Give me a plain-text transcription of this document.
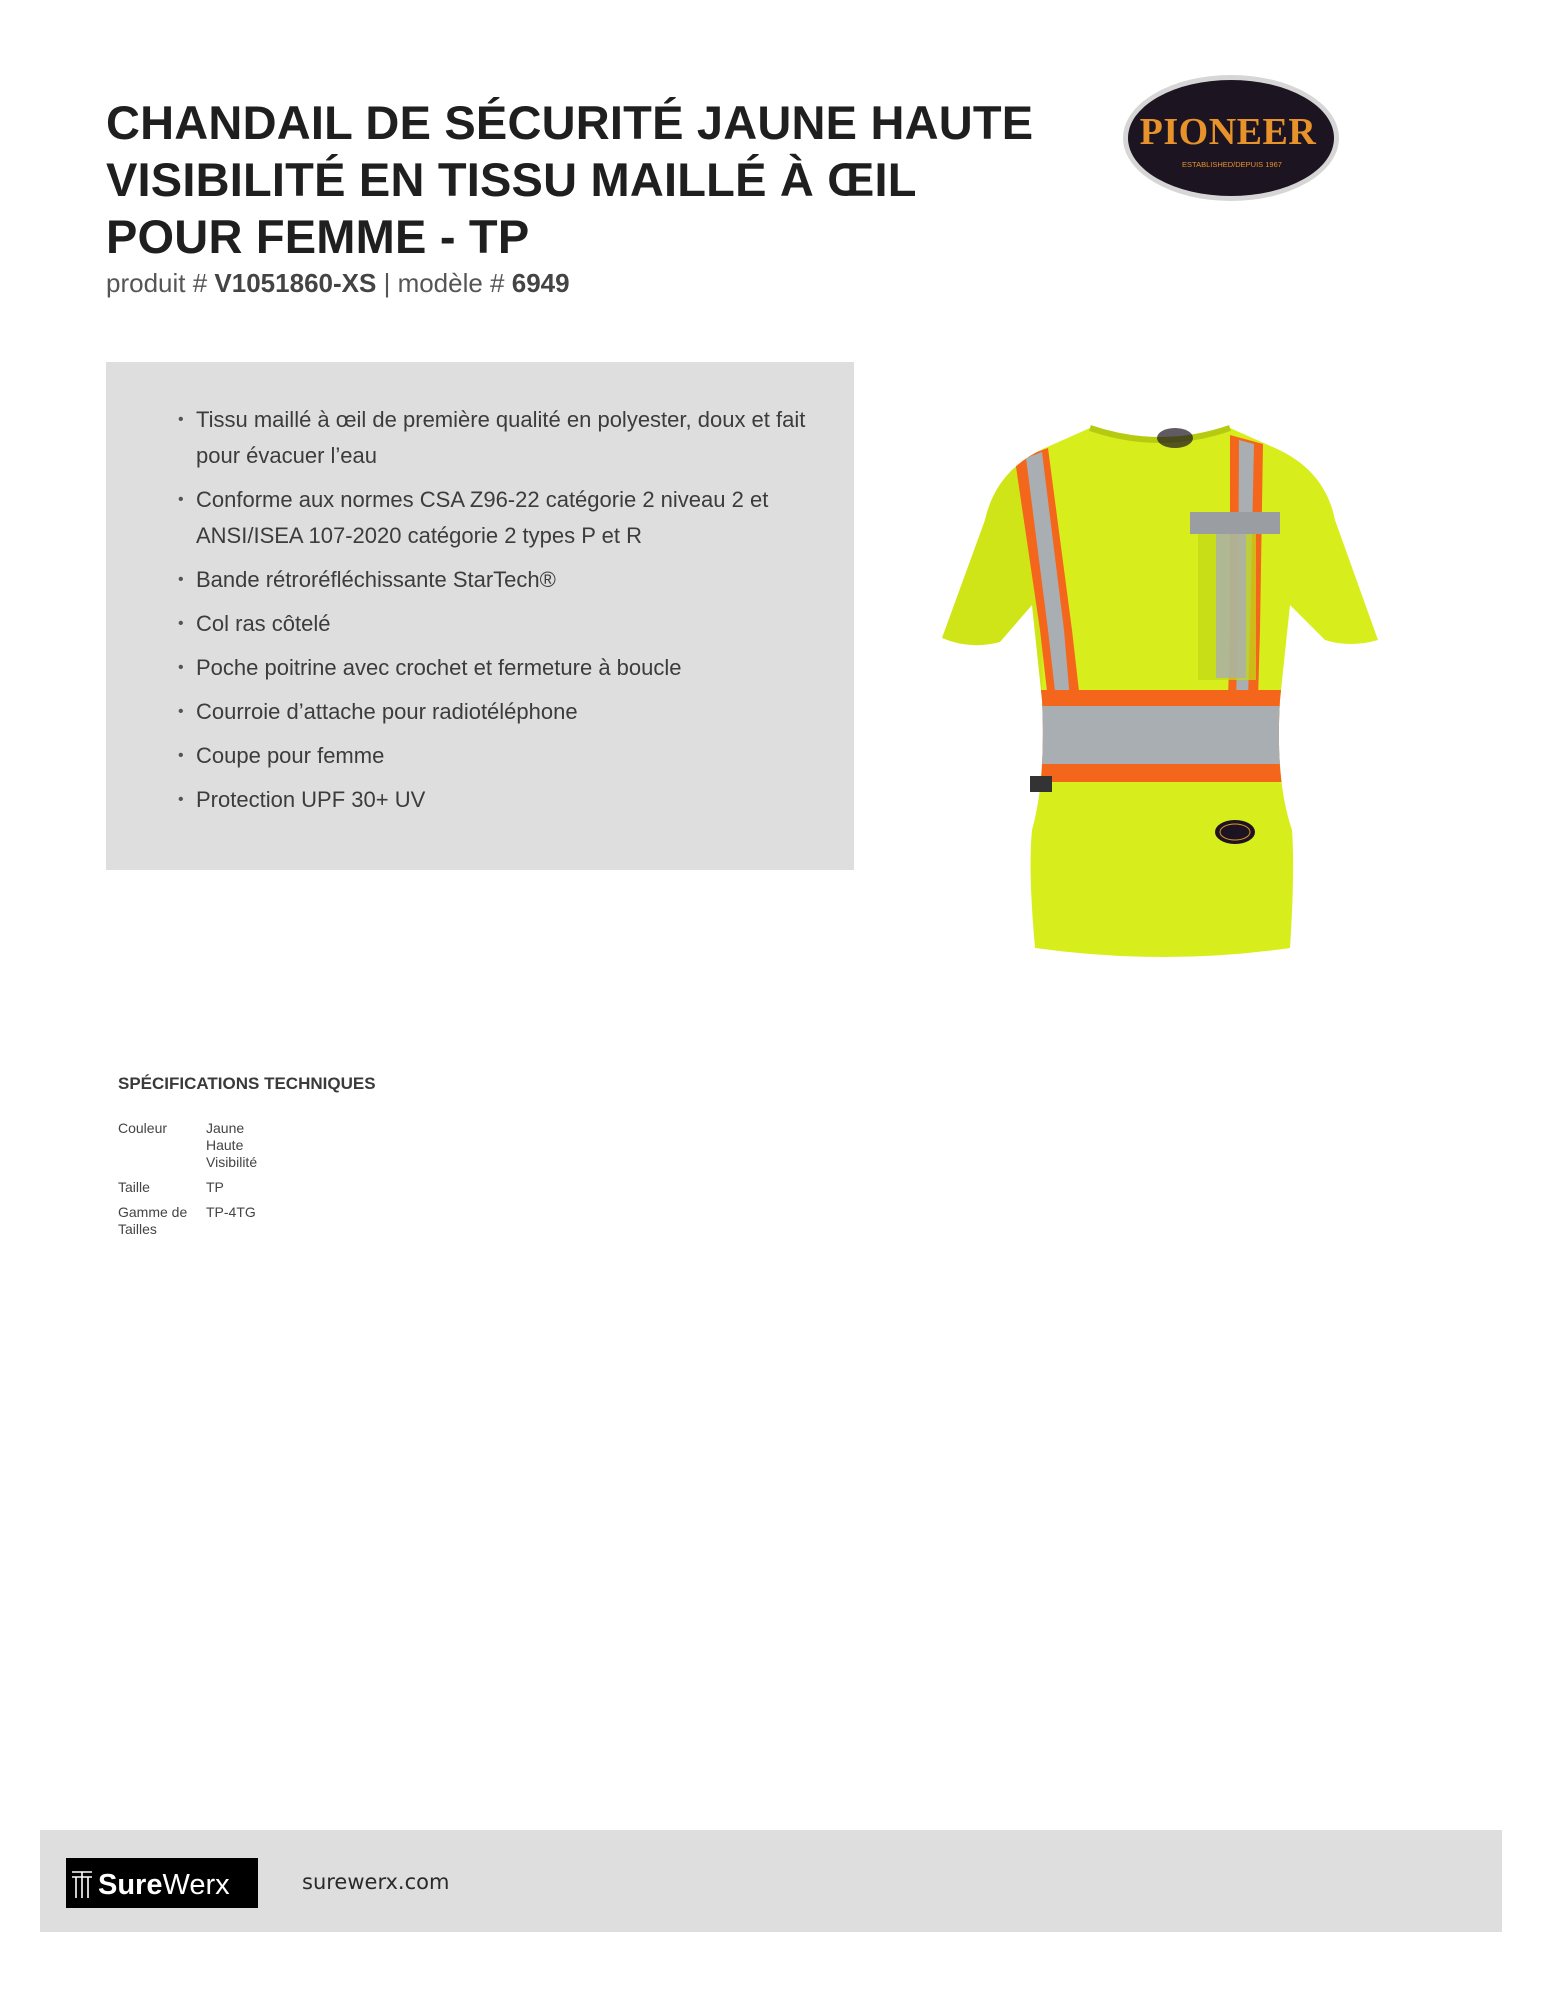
CHANDAIL DE SÉCURITÉ JAUNE HAUTE
VISIBILITÉ EN TISSU MAILLÉ À ŒIL
POUR FEMME - TP
produit # V1051860-XS | modèle # 6949
PIONEER
ESTABLISHED/DEPUIS 1967
• Tissu maillé à œil de première qualité en polyester, doux et fait pour évacuer l’eau
• Conforme aux normes CSA Z96-22 catégorie 2 niveau 2 et ANSI/ISEA 107-2020 catégorie 2 types P et R
• Bande rétroréfléchissante StarTech®
• Col ras côtelé
• Poche poitrine avec crochet et fermeture à boucle
• Courroie d’attache pour radiotéléphone
• Coupe pour femme
• Protection UPF 30+ UV
SPÉCIFICATIONS TECHNIQUES
Couleur	Jaune Haute Visibilité
Taille	TP
Gamme de Tailles	TP-4TG
SureWerx	surewerx.com
